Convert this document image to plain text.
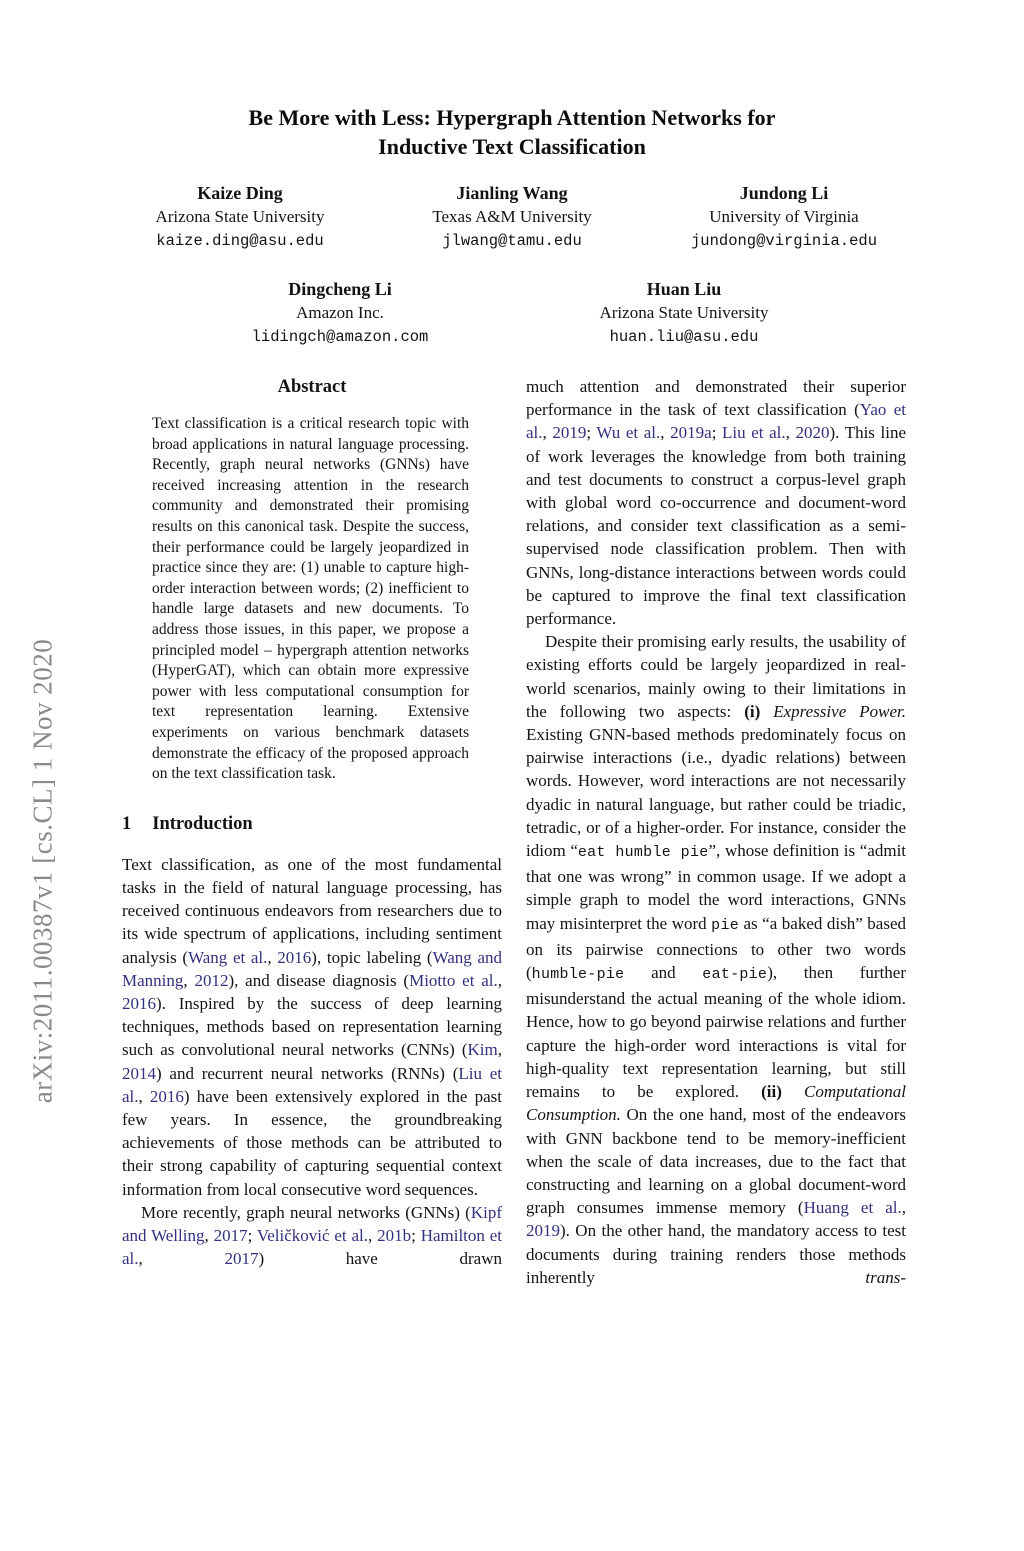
arXiv:2011.00387v1 [cs.CL] 1 Nov 2020
Be More with Less: Hypergraph Attention Networks for
Inductive Text Classification
Kaize Ding
Arizona State University
kaize.ding@asu.edu
Jianling Wang
Texas A&M University
jlwang@tamu.edu
Jundong Li
University of Virginia
jundong@virginia.edu
Dingcheng Li
Amazon Inc.
lidingch@amazon.com
Huan Liu
Arizona State University
huan.liu@asu.edu
Abstract

Text classification is a critical research topic with broad applications in natural language processing. Recently, graph neural networks (GNNs) have received increasing attention in the research community and demonstrated their promising results on this canonical task. Despite the success, their performance could be largely jeopardized in practice since they are: (1) unable to capture high-order interaction between words; (2) inefficient to handle large datasets and new documents. To address those issues, in this paper, we propose a principled model – hypergraph attention networks (HyperGAT), which can obtain more expressive power with less computational consumption for text representation learning. Extensive experiments on various benchmark datasets demonstrate the efficacy of the proposed approach on the text classification task.

1 Introduction

Text classification, as one of the most fundamental tasks in the field of natural language processing, has received continuous endeavors from researchers due to its wide spectrum of applications, including sentiment analysis (Wang et al., 2016), topic labeling (Wang and Manning, 2012), and disease diagnosis (Miotto et al., 2016). Inspired by the success of deep learning techniques, methods based on representation learning such as convolutional neural networks (CNNs) (Kim, 2014) and recurrent neural networks (RNNs) (Liu et al., 2016) have been extensively explored in the past few years. In essence, the groundbreaking achievements of those methods can be attributed to their strong capability of capturing sequential context information from local consecutive word sequences.

More recently, graph neural networks (GNNs) (Kipf and Welling, 2017; Veličković et al., 201b; Hamilton et al., 2017) have drawn

much attention and demonstrated their superior performance in the task of text classification (Yao et al., 2019; Wu et al., 2019a; Liu et al., 2020). This line of work leverages the knowledge from both training and test documents to construct a corpus-level graph with global word co-occurrence and document-word relations, and consider text classification as a semi-supervised node classification problem. Then with GNNs, long-distance interactions between words could be captured to improve the final text classification performance.

Despite their promising early results, the usability of existing efforts could be largely jeopardized in real-world scenarios, mainly owing to their limitations in the following two aspects: (i) Expressive Power. Existing GNN-based methods predominately focus on pairwise interactions (i.e., dyadic relations) between words. However, word interactions are not necessarily dyadic in natural language, but rather could be triadic, tetradic, or of a higher-order. For instance, consider the idiom “eat humble pie”, whose definition is “admit that one was wrong” in common usage. If we adopt a simple graph to model the word interactions, GNNs may misinterpret the word pie as “a baked dish” based on its pairwise connections to other two words (humble-pie and eat-pie), then further misunderstand the actual meaning of the whole idiom. Hence, how to go beyond pairwise relations and further capture the high-order word interactions is vital for high-quality text representation learning, but still remains to be explored. (ii) Computational Consumption. On the one hand, most of the endeavors with GNN backbone tend to be memory-inefficient when the scale of data increases, due to the fact that constructing and learning on a global document-word graph consumes immense memory (Huang et al., 2019). On the other hand, the mandatory access to test documents during training renders those methods inherently trans-
